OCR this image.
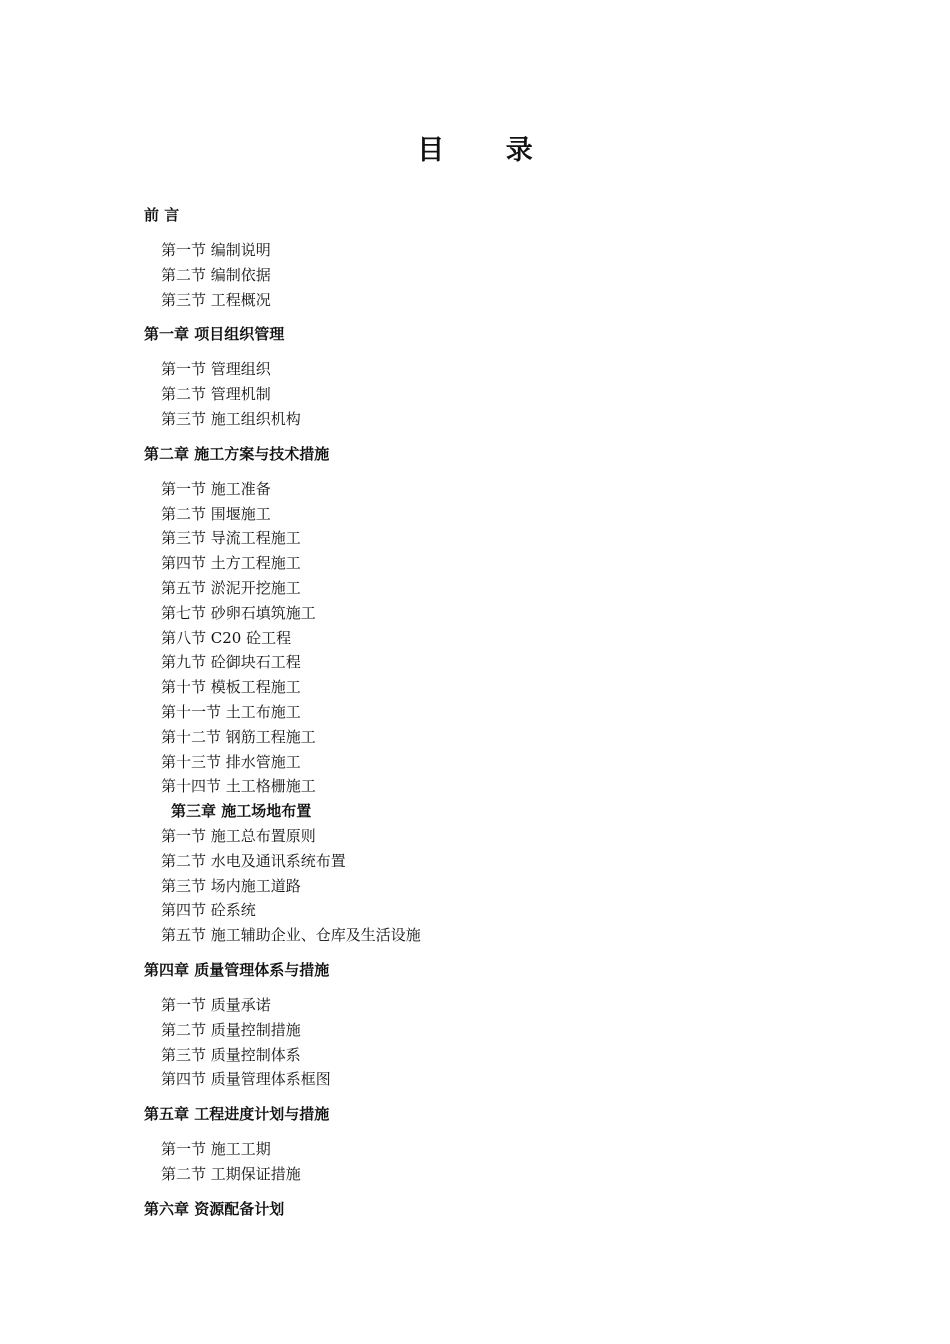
目 录
前 言
第一节 编制说明
第二节 编制依据
第三节 工程概况
第一章 项目组织管理
第一节 管理组织
第二节 管理机制
第三节 施工组织机构
第二章 施工方案与技术措施
第一节 施工准备
第二节 围堰施工
第三节 导流工程施工
第四节 土方工程施工
第五节 淤泥开挖施工
第七节 砂卵石填筑施工
第八节 C20 砼工程
第九节 砼御块石工程
第十节 模板工程施工
第十一节 土工布施工
第十二节 钢筋工程施工
第十三节 排水管施工
第十四节 土工格栅施工
第三章 施工场地布置
第一节 施工总布置原则
第二节 水电及通讯系统布置
第三节 场内施工道路
第四节 砼系统
第五节 施工辅助企业、仓库及生活设施
第四章 质量管理体系与措施
第一节 质量承诺
第二节 质量控制措施
第三节 质量控制体系
第四节 质量管理体系框图
第五章 工程进度计划与措施
第一节 施工工期
第二节 工期保证措施
第六章 资源配备计划
